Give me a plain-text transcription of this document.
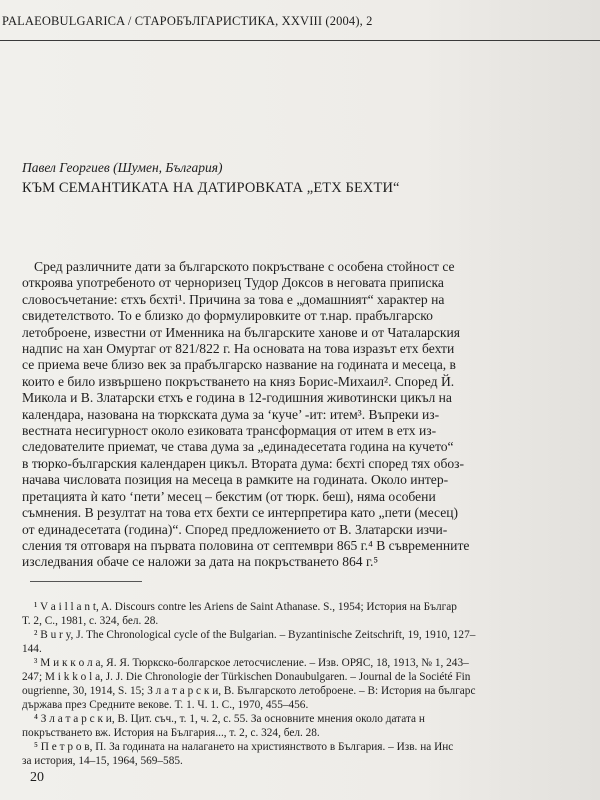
PALAEOBULGARICA / СТАРОБЪЛГАРИСТИКА, XXVIII (2004), 2
Павел Георгиев (Шумен, България)
КЪМ СЕМАНТИКАТА НА ДАТИРОВКАТА „ЕТХ БЕХТИ“
Сред различните дати за българското покръстване с особена стойност се
откроява употребеното от черноризец Тудор Доксов в неговата приписка
словосъчетание: єтхъ бєхтi¹. Причина за това е „домашният“ характер на
свидетелството. То е близко до формулировките от т.нар. прабългарско
летоброене, известни от Именника на българските ханове и от Чаталарския
надпис на хан Омуртаг от 821/822 г. На основата на това изразът етх бехти
се приема вече близо век за прабългарско название на годината и месеца, в
които е било извършено покръстването на княз Борис-Михаил². Според Й.
Миколa и В. Златарски єтхъ е година в 12-годишния животински цикъл на
календара, назована на тюркската дума за ‘куче’ -ит: итем³. Въпреки из-
вестната несигурност около езиковата трансформация от итем в етх из-
следователите приемат, че става дума за „единадесетата година на кучето“
в тюрко-българския календарен цикъл. Втората дума: бєхтi според тях обоз-
начава числовата позиция на месеца в рамките на годината. Около интер-
претацията ѝ като ‘пети’ месец – бекстим (от тюрк. беш), няма особени
съмнения. В резултат на това етх бехти се интерпретира като „пети (месец)
от единадесетата (година)“. Според предложението от В. Златарски изчи-
сления тя отговаря на първата половина от септември 865 г.⁴ В съвременните
изследвания обаче се наложи за дата на покръстването 864 г.⁵
¹ V a i l l a n t, A. Discours contre les Ariens de Saint Athanase. S., 1954; История на Българ
Т. 2, С., 1981, с. 324, бел. 28.
² B u r y, J. The Chronological cycle of the Bulgarian. – Byzantinische Zeitschrift, 19, 1910, 127–
144.
³ М и к к о л а, Я. Я. Тюркско-болгарское летосчисление. – Изв. ОРЯС, 18, 1913, № 1, 243–
247; M i k k o l a, J. J. Die Chronologie der Türkischen Donaubulgaren. – Journal de la Société Fin
ougrienne, 30, 1914, S. 15; З л а т а р с к и, В. Българското летоброене. – В: История на българс
държава през Средните векове. Т. 1. Ч. 1. С., 1970, 455–456.
⁴ З л а т а р с к и, В. Цит. съч., т. 1, ч. 2, с. 55. За основните мнения около датата н
покръстването вж. История на България..., т. 2, с. 324, бел. 28.
⁵ П е т р о в, П. За годината на налагането на християнството в България. – Изв. на Инс
за история, 14–15, 1964, 569–585.
20
